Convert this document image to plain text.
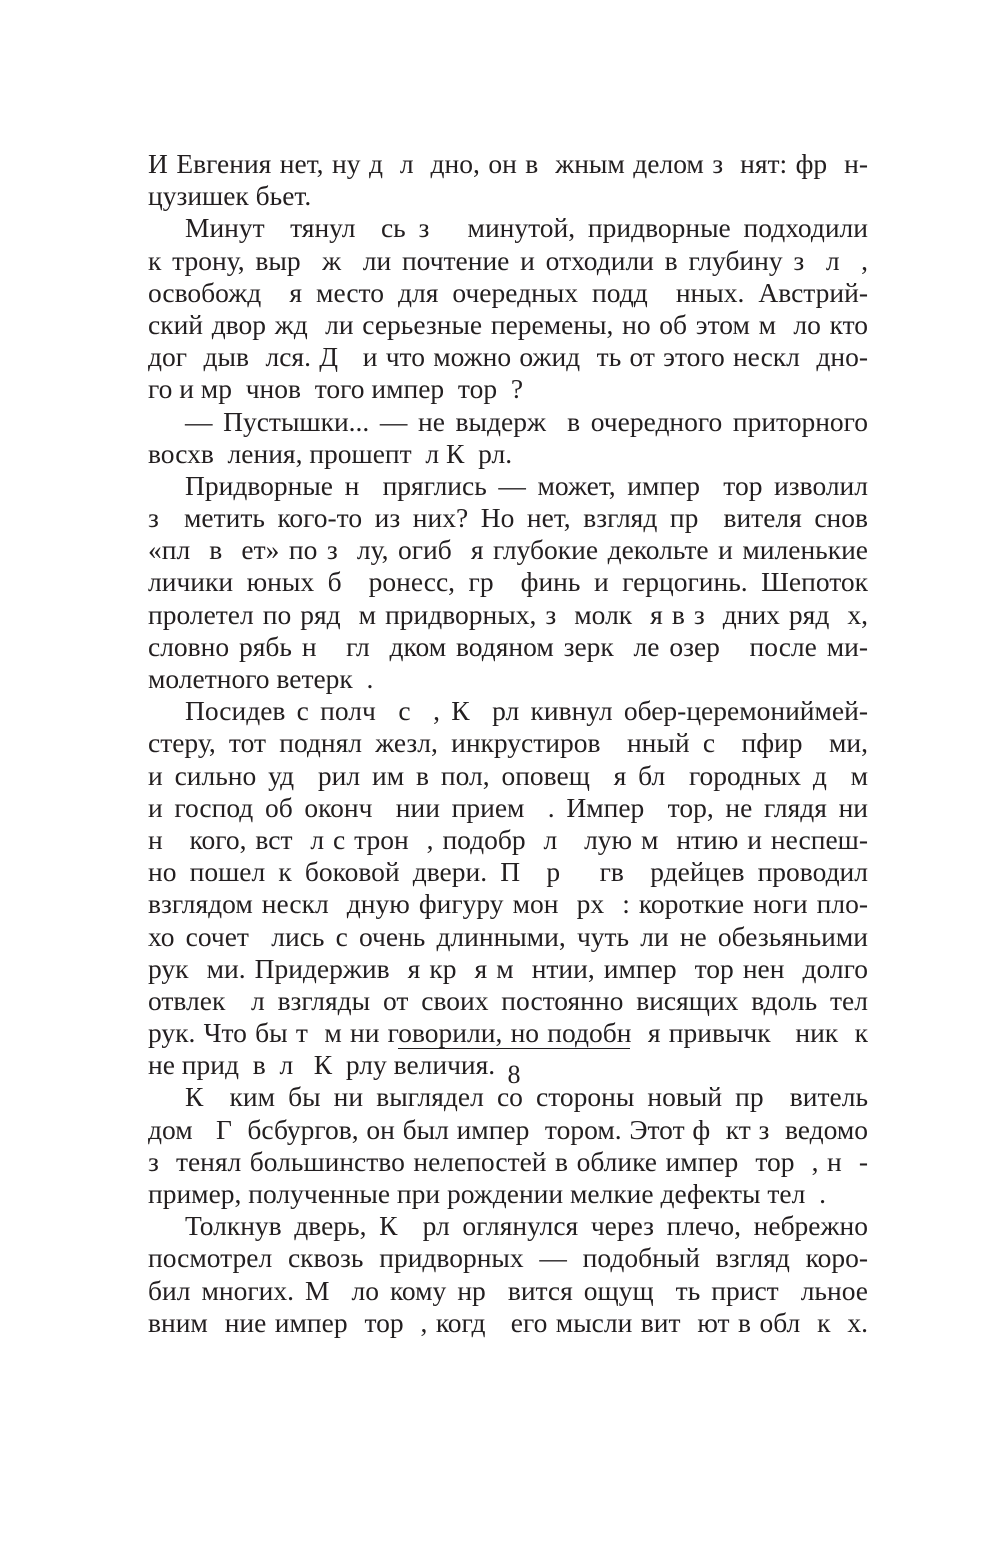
И Евгения нет, ну д  л  дно, он в  жным делом з  нят: фр  н-
цузишек бьет.
Минут  тянул  сь з   минутой, придворные подходили
к трону, выр  ж  ли почтение и отходили в глубину з  л  ,
освобожд  я место для очередных подд  нных. Австрий-
ский двор жд  ли серьезные перемены, но об этом м  ло кто
дог  дыв  лся. Д   и что можно ожид  ть от этого нескл  дно-
го и мр  чнов  того импер  тор  ?
— Пустышки... — не выдерж  в очередного приторного
восхв  ления, прошепт  л К  рл.
Придворные н  пряглись — может, импер  тор изволил
з  метить кого-то из них? Но нет, взгляд пр  вителя снов
«пл  в  ет» по з  лу, огиб  я глубокие декольте и миленькие
личики юных б  ронесс, гр  финь и герцогинь. Шепоток
пролетел по ряд  м придворных, з  молк  я в з  дних ряд  х,
словно рябь н   гл  дком водяном зерк  ле озер   после ми-
молетного ветерк  .
Посидев с полч  с  , К  рл кивнул обер-церемониймей-
стеру, тот поднял жезл, инкрустиров  нный с  пфир  ми,
и сильно уд  рил им в пол, оповещ  я бл  городных д  м
и господ об оконч  нии прием  . Импер  тор, не глядя ни
н   кого, вст  л с трон  , подобр  л   лую м  нтию и неспеш-
но пошел к боковой двери. П  р   гв  рдейцев проводил
взглядом нескл  дную фигуру мон  рх  : короткие ноги пло-
хо сочет  лись с очень длинными, чуть ли не обезьяньими
рук  ми. Придержив  я кр  я м  нтии, импер  тор нен  долго
отвлек  л взгляды от своих постоянно висящих вдоль тел
рук. Что бы т  м ни говорили, но подобн  я привычк   ник  к
не прид  в  л   К  рлу величия.
К  ким бы ни выглядел со стороны новый пр  витель
дом   Г  бсбургов, он был импер  тором. Этот ф  кт з  ведомо
з  тенял большинство нелепостей в облике импер  тор  , н  -
пример, полученные при рождении мелкие дефекты тел  .
Толкнув дверь, К  рл оглянулся через плечо, небрежно
посмотрел сквозь придворных — подобный взгляд коро-
бил многих. М  ло кому нр  вится ощущ  ть прист  льное
вним  ние импер  тор  , когд   его мысли вит  ют в обл  к  х.
8
